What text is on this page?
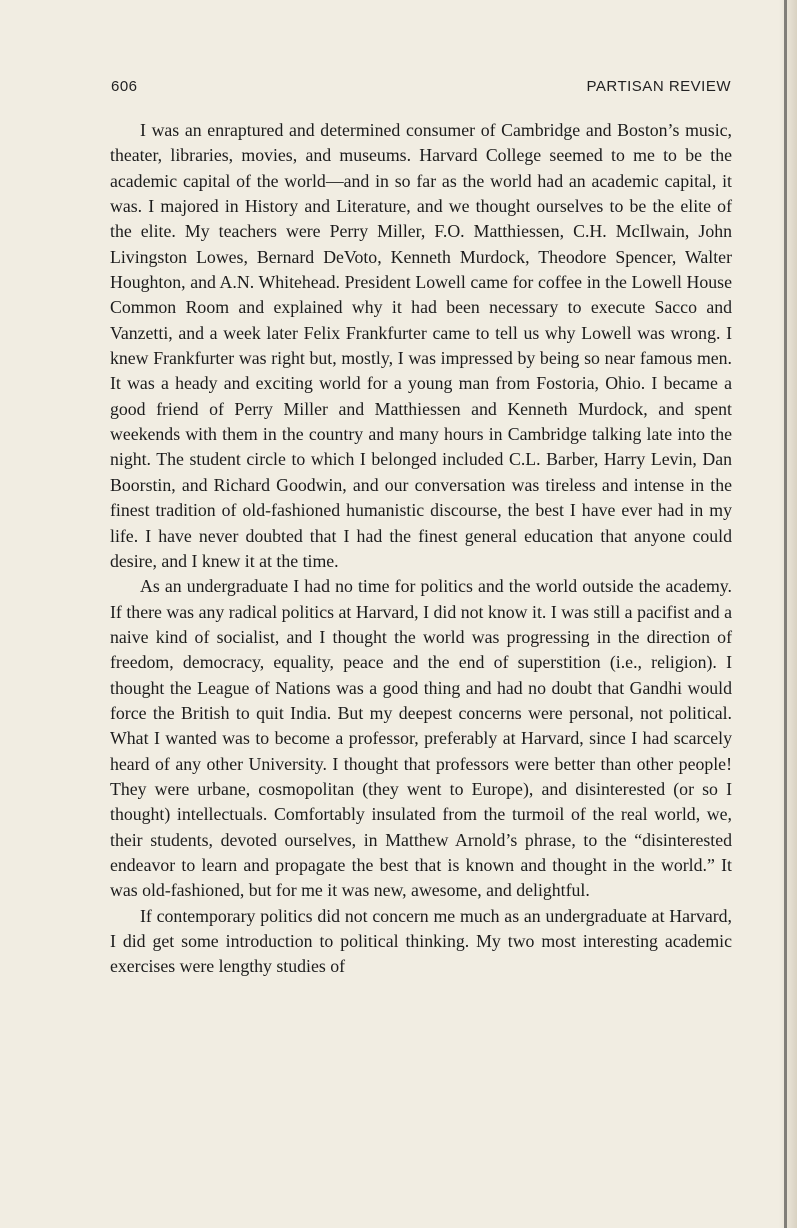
606	PARTISAN REVIEW

I was an enraptured and determined consumer of Cambridge and Boston’s music, theater, libraries, movies, and museums. Harvard College seemed to me to be the academic capital of the world—and in so far as the world had an academic capital, it was. I majored in History and Literature, and we thought ourselves to be the elite of the elite. My teachers were Perry Miller, F.O. Matthiessen, C.H. McIlwain, John Livingston Lowes, Bernard DeVoto, Kenneth Murdock, Theodore Spencer, Walter Houghton, and A.N. Whitehead. President Lowell came for coffee in the Lowell House Common Room and explained why it had been necessary to execute Sacco and Vanzetti, and a week later Felix Frankfurter came to tell us why Lowell was wrong. I knew Frankfurter was right but, mostly, I was impressed by being so near famous men. It was a heady and exciting world for a young man from Fostoria, Ohio. I became a good friend of Perry Miller and Matthiessen and Kenneth Murdock, and spent weekends with them in the country and many hours in Cambridge talking late into the night. The student circle to which I belonged included C.L. Barber, Harry Levin, Dan Boorstin, and Richard Goodwin, and our conversation was tireless and intense in the finest tradition of old-fashioned humanistic discourse, the best I have ever had in my life. I have never doubted that I had the finest general education that anyone could desire, and I knew it at the time.

As an undergraduate I had no time for politics and the world outside the academy. If there was any radical politics at Harvard, I did not know it. I was still a pacifist and a naive kind of socialist, and I thought the world was progressing in the direction of freedom, democracy, equality, peace and the end of superstition (i.e., religion). I thought the League of Nations was a good thing and had no doubt that Gandhi would force the British to quit India. But my deepest concerns were personal, not political. What I wanted was to become a professor, preferably at Harvard, since I had scarcely heard of any other University. I thought that professors were better than other people! They were urbane, cosmopolitan (they went to Europe), and disinterested (or so I thought) intellectuals. Comfortably insulated from the turmoil of the real world, we, their students, devoted ourselves, in Matthew Arnold’s phrase, to the “disinterested endeavor to learn and propagate the best that is known and thought in the world.” It was old-fashioned, but for me it was new, awesome, and delightful.

If contemporary politics did not concern me much as an undergraduate at Harvard, I did get some introduction to political thinking. My two most interesting academic exercises were lengthy studies of
